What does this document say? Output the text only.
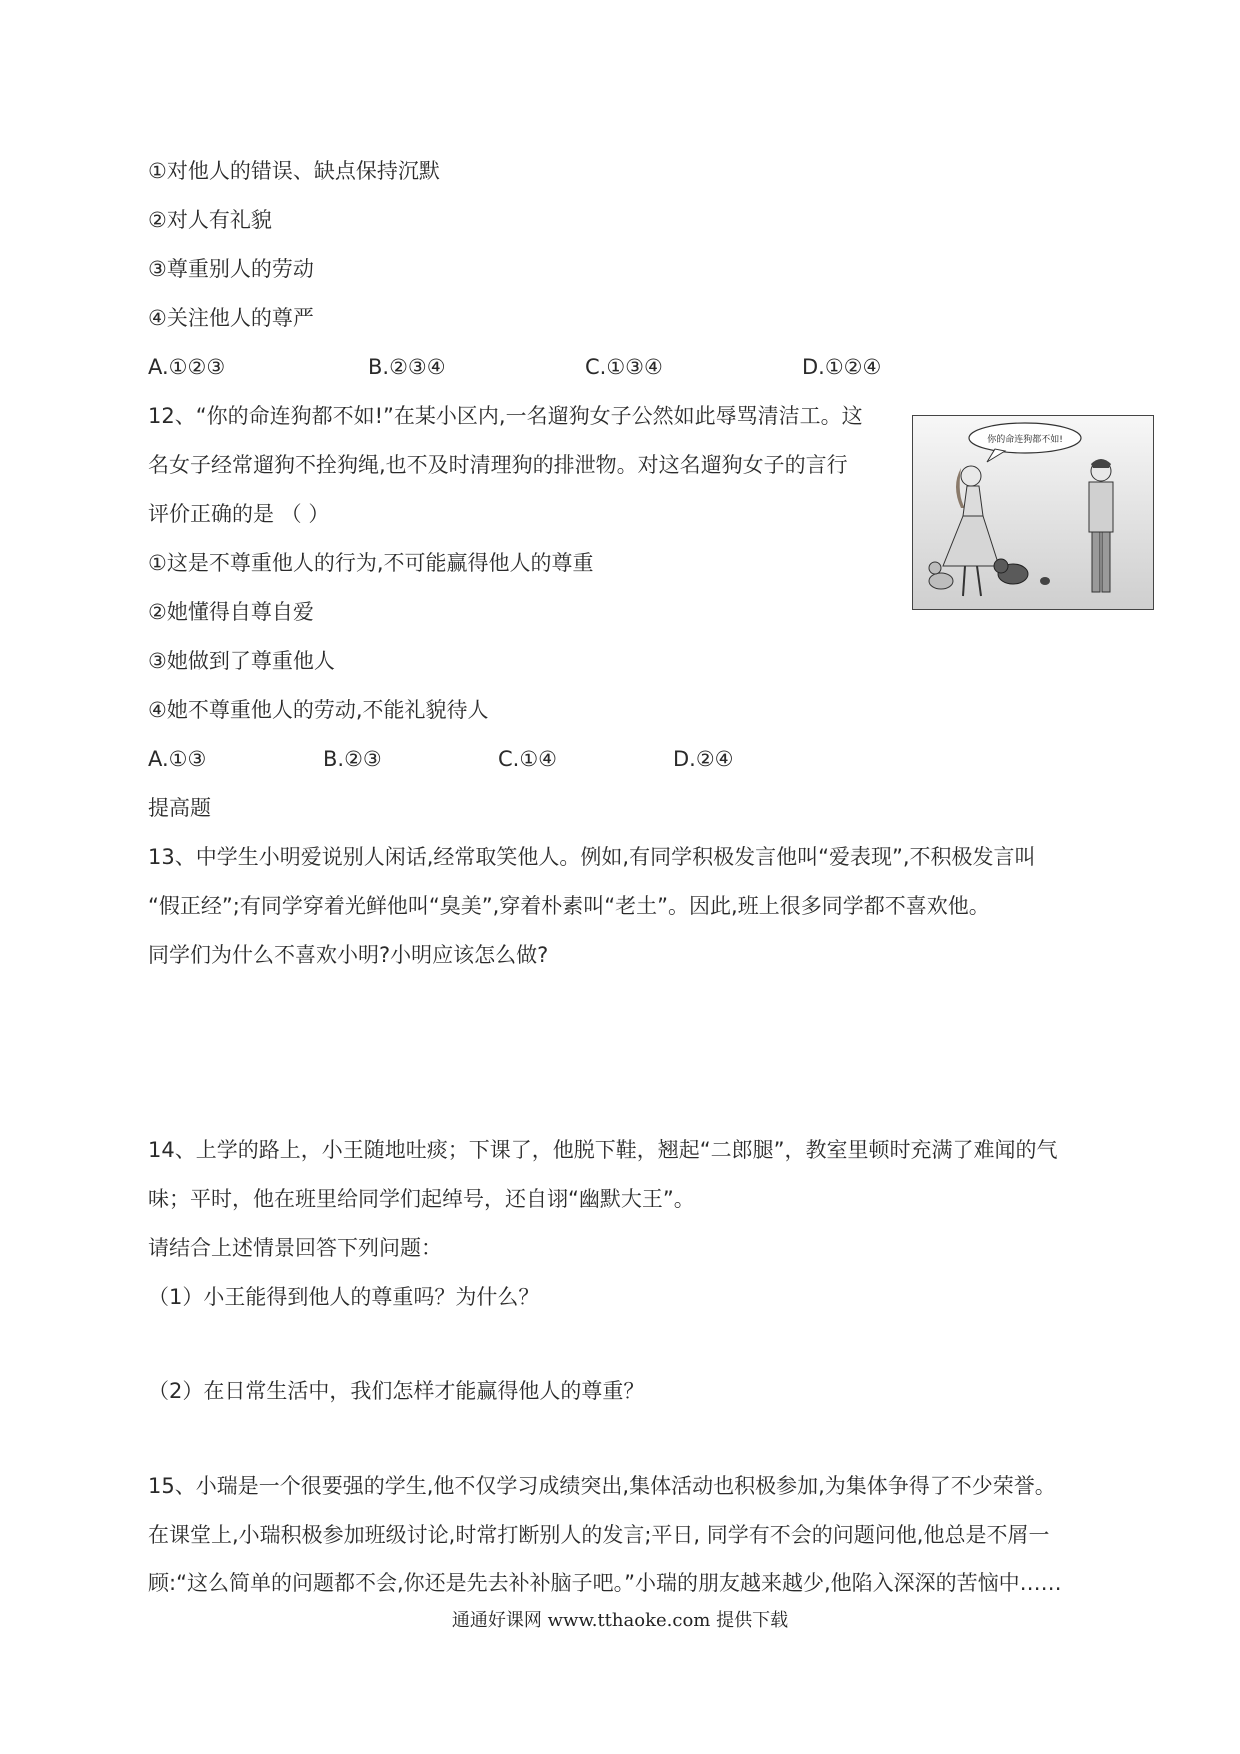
①对他人的错误、缺点保持沉默
②对人有礼貌
③尊重别人的劳动
④关注他人的尊严
A.①②③	B.②③④	C.①③④	D.①②④
12、“你的命连狗都不如!”在某小区内,一名遛狗女子公然如此辱骂清洁工。这
名女子经常遛狗不拴狗绳,也不及时清理狗的排泄物。对这名遛狗女子的言行
评价正确的是 （ ）
①这是不尊重他人的行为,不可能赢得他人的尊重
②她懂得自尊自爱
③她做到了尊重他人
④她不尊重他人的劳动,不能礼貌待人
A.①③	B.②③	C.①④	D.②④
你的命连狗都不如!
提高题
13、中学生小明爱说别人闲话,经常取笑他人。例如,有同学积极发言他叫“爱表现”,不积极发言叫
“假正经”;有同学穿着光鲜他叫“臭美”,穿着朴素叫“老土”。因此,班上很多同学都不喜欢他。
同学们为什么不喜欢小明?小明应该怎么做?
14、上学的路上，小王随地吐痰；下课了，他脱下鞋，翘起“二郎腿”，教室里顿时充满了难闻的气
味；平时，他在班里给同学们起绰号，还自诩“幽默大王”。
请结合上述情景回答下列问题：
（1）小王能得到他人的尊重吗？为什么？
（2）在日常生活中，我们怎样才能赢得他人的尊重？
15、小瑞是一个很要强的学生,他不仅学习成绩突出,集体活动也积极参加,为集体争得了不少荣誉。
在课堂上,小瑞积极参加班级讨论,时常打断别人的发言;平日, 同学有不会的问题问他,他总是不屑一
顾:“这么简单的问题都不会,你还是先去补补脑子吧。”小瑞的朋友越来越少,他陷入深深的苦恼中……
通通好课网 www.tthaoke.com 提供下载
